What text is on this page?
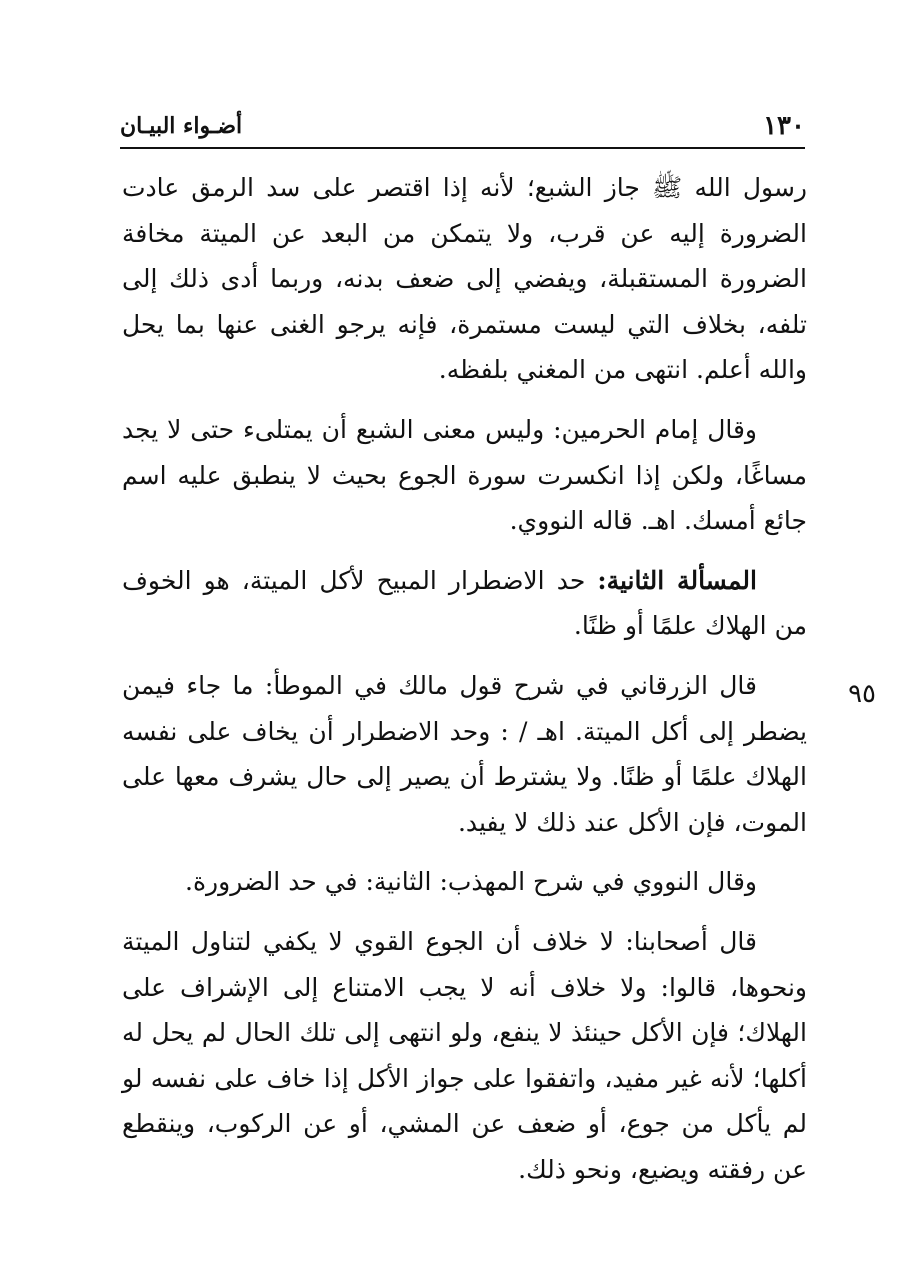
١٣٠
أضـواء البيـان
٩٥

رسول الله ﷺ جاز الشبع؛ لأنه إذا اقتصر على سد الرمق عادت الضرورة إليه عن قرب، ولا يتمكن من البعد عن الميتة مخافة الضرورة المستقبلة، ويفضي إلى ضعف بدنه، وربما أدى ذلك إلى تلفه، بخلاف التي ليست مستمرة، فإنه يرجو الغنى عنها بما يحل والله أعلم. انتهى من المغني بلفظه.

وقال إمام الحرمين: وليس معنى الشبع أن يمتلىء حتى لا يجد مساغًا، ولكن إذا انكسرت سورة الجوع بحيث لا ينطبق عليه اسم جائع أمسك. اهـ. قاله النووي.

المسألة الثانية: حد الاضطرار المبيح لأكل الميتة، هو الخوف من الهلاك علمًا أو ظنًا.

قال الزرقاني في شرح قول مالك في الموطأ: ما جاء فيمن يضطر إلى أكل الميتة. اهـ / : وحد الاضطرار أن يخاف على نفسه الهلاك علمًا أو ظنًا. ولا يشترط أن يصير إلى حال يشرف معها على الموت، فإن الأكل عند ذلك لا يفيد.

وقال النووي في شرح المهذب: الثانية: في حد الضرورة.

قال أصحابنا: لا خلاف أن الجوع القوي لا يكفي لتناول الميتة ونحوها، قالوا: ولا خلاف أنه لا يجب الامتناع إلى الإشراف على الهلاك؛ فإن الأكل حينئذ لا ينفع، ولو انتهى إلى تلك الحال لم يحل له أكلها؛ لأنه غير مفيد، واتفقوا على جواز الأكل إذا خاف على نفسه لو لم يأكل من جوع، أو ضعف عن المشي، أو عن الركوب، وينقطع عن رفقته ويضيع، ونحو ذلك.
